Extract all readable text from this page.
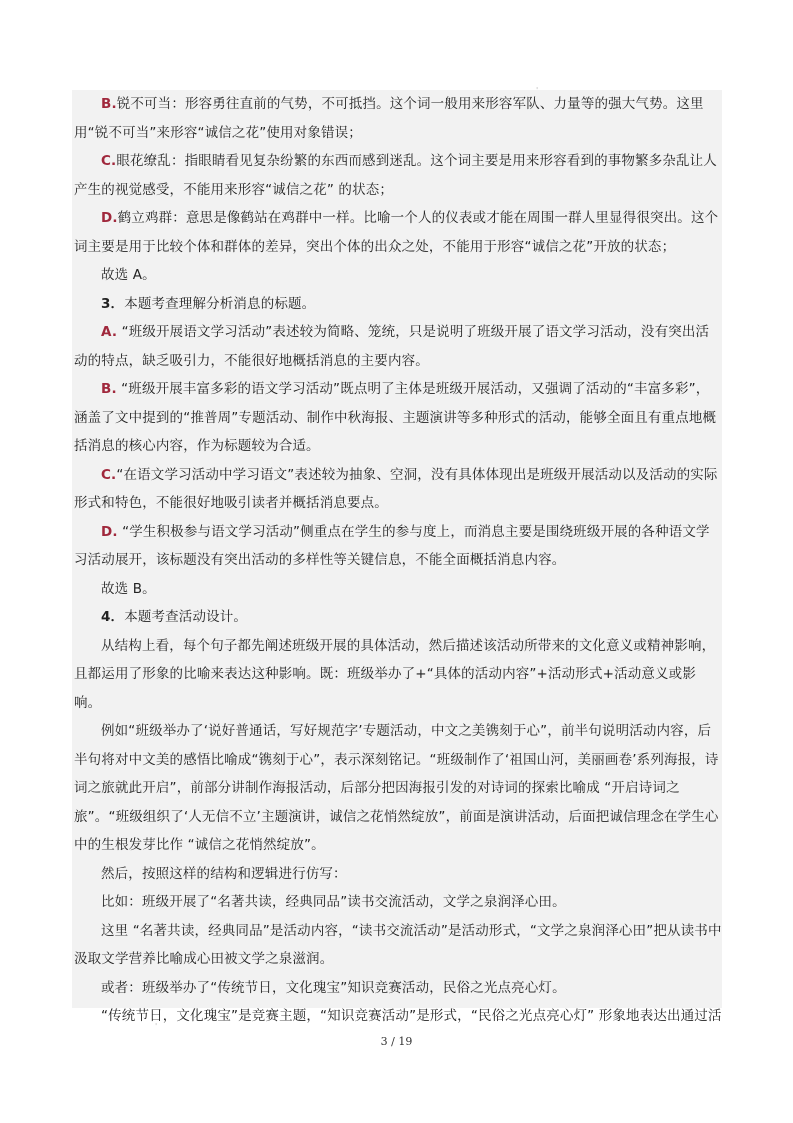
'

B.锐不可当：形容勇往直前的气势，不可抵挡。这个词一般用来形容军队、力量等的强大气势。这里用“锐不可当”来形容“诚信之花”使用对象错误；

C.眼花缭乱：指眼睛看见复杂纷繁的东西而感到迷乱。这个词主要是用来形容看到的事物繁多杂乱让人产生的视觉感受，不能用来形容“诚信之花” 的状态；

D.鹤立鸡群：意思是像鹤站在鸡群中一样。比喻一个人的仪表或才能在周围一群人里显得很突出。这个词主要是用于比较个体和群体的差异，突出个体的出众之处，不能用于形容“诚信之花”开放的状态；

故选 A。

3．本题考查理解分析消息的标题。

A. “班级开展语文学习活动”表述较为简略、笼统，只是说明了班级开展了语文学习活动，没有突出活动的特点，缺乏吸引力，不能很好地概括消息的主要内容。

B. “班级开展丰富多彩的语文学习活动”既点明了主体是班级开展活动，又强调了活动的“丰富多彩”，涵盖了文中提到的“推普周”专题活动、制作中秋海报、主题演讲等多种形式的活动，能够全面且有重点地概括消息的核心内容，作为标题较为合适。

C.“在语文学习活动中学习语文”表述较为抽象、空洞，没有具体体现出是班级开展活动以及活动的实际形式和特色，不能很好地吸引读者并概括消息要点。

D. “学生积极参与语文学习活动”侧重点在学生的参与度上，而消息主要是围绕班级开展的各种语文学习活动展开，该标题没有突出活动的多样性等关键信息，不能全面概括消息内容。

故选 B。

4．本题考查活动设计。

从结构上看，每个句子都先阐述班级开展的具体活动，然后描述该活动所带来的文化意义或精神影响，且都运用了形象的比喻来表达这种影响。既：班级举办了+“具体的活动内容”+活动形式+活动意义或影响。

例如“班级举办了‘说好普通话，写好规范字’专题活动，中文之美镌刻于心”，前半句说明活动内容，后半句将对中文美的感悟比喻成“镌刻于心”，表示深刻铭记。“班级制作了‘祖国山河，美丽画卷’系列海报，诗词之旅就此开启”，前部分讲制作海报活动，后部分把因海报引发的对诗词的探索比喻成 “开启诗词之旅”。“班级组织了‘人无信不立’主题演讲，诚信之花悄然绽放”，前面是演讲活动，后面把诚信理念在学生心中的生根发芽比作 “诚信之花悄然绽放”。

然后，按照这样的结构和逻辑进行仿写：

比如：班级开展了“名著共读，经典同品”读书交流活动，文学之泉润泽心田。

这里 “名著共读，经典同品”是活动内容，“读书交流活动”是活动形式，“文学之泉润泽心田”把从读书中汲取文学营养比喻成心田被文学之泉滋润。

或者：班级举办了“传统节日，文化瑰宝”知识竞赛活动，民俗之光点亮心灯。

“传统节日，文化瑰宝”是竞赛主题，“知识竞赛活动”是形式，“民俗之光点亮心灯” 形象地表达出通过活

3 / 19
